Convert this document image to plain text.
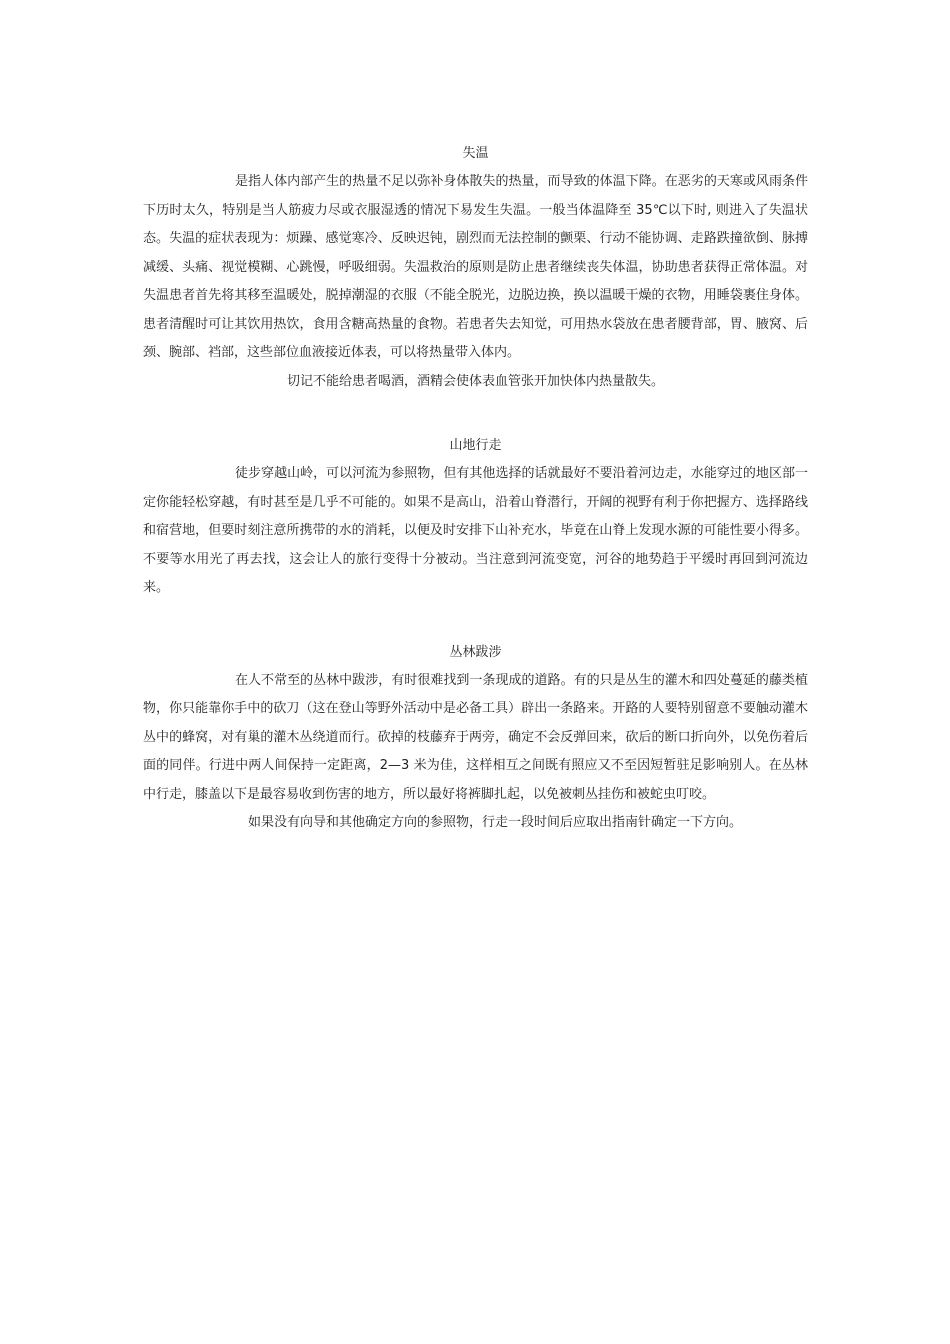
失温

是指人体内部产生的热量不足以弥补身体散失的热量，而导致的体温下降。在恶劣的天寒或风雨条件下历时太久，特别是当人筋疲力尽或衣服湿透的情况下易发生失温。一般当体温降至 35℃以下时, 则进入了失温状态。失温的症状表现为：烦躁、感觉寒冷、反映迟钝，剧烈而无法控制的颤栗、行动不能协调、走路跌撞欲倒、脉搏减缓、头痛、视觉模糊、心跳慢，呼吸细弱。失温救治的原则是防止患者继续丧失体温，协助患者获得正常体温。对失温患者首先将其移至温暖处，脱掉潮湿的衣服（不能全脱光，边脱边换，换以温暖干燥的衣物，用睡袋裹住身体。患者清醒时可让其饮用热饮，食用含糖高热量的食物。若患者失去知觉，可用热水袋放在患者腰背部，胃、腋窝、后颈、腕部、裆部，这些部位血液接近体表，可以将热量带入体内。

切记不能给患者喝酒，酒精会使体表血管张开加快体内热量散失。

山地行走

徒步穿越山岭，可以河流为参照物，但有其他选择的话就最好不要沿着河边走，水能穿过的地区部一定你能轻松穿越，有时甚至是几乎不可能的。如果不是高山，沿着山脊潜行，开阔的视野有利于你把握方、选择路线和宿营地，但要时刻注意所携带的水的消耗，以便及时安排下山补充水，毕竟在山脊上发现水源的可能性要小得多。不要等水用光了再去找，这会让人的旅行变得十分被动。当注意到河流变宽，河谷的地势趋于平缓时再回到河流边来。

丛林跋涉

在人不常至的丛林中跋涉，有时很难找到一条现成的道路。有的只是丛生的灌木和四处蔓延的藤类植物，你只能靠你手中的砍刀（这在登山等野外活动中是必备工具）辟出一条路来。开路的人要特别留意不要触动灌木丛中的蜂窝，对有巢的灌木丛绕道而行。砍掉的枝藤弃于两旁，确定不会反弹回来，砍后的断口折向外，以免伤着后面的同伴。行进中两人间保持一定距离，2—3 米为佳，这样相互之间既有照应又不至因短暂驻足影响别人。在丛林中行走，膝盖以下是最容易收到伤害的地方，所以最好将裤脚扎起，以免被刺丛挂伤和被蛇虫叮咬。

如果没有向导和其他确定方向的参照物，行走一段时间后应取出指南针确定一下方向。
